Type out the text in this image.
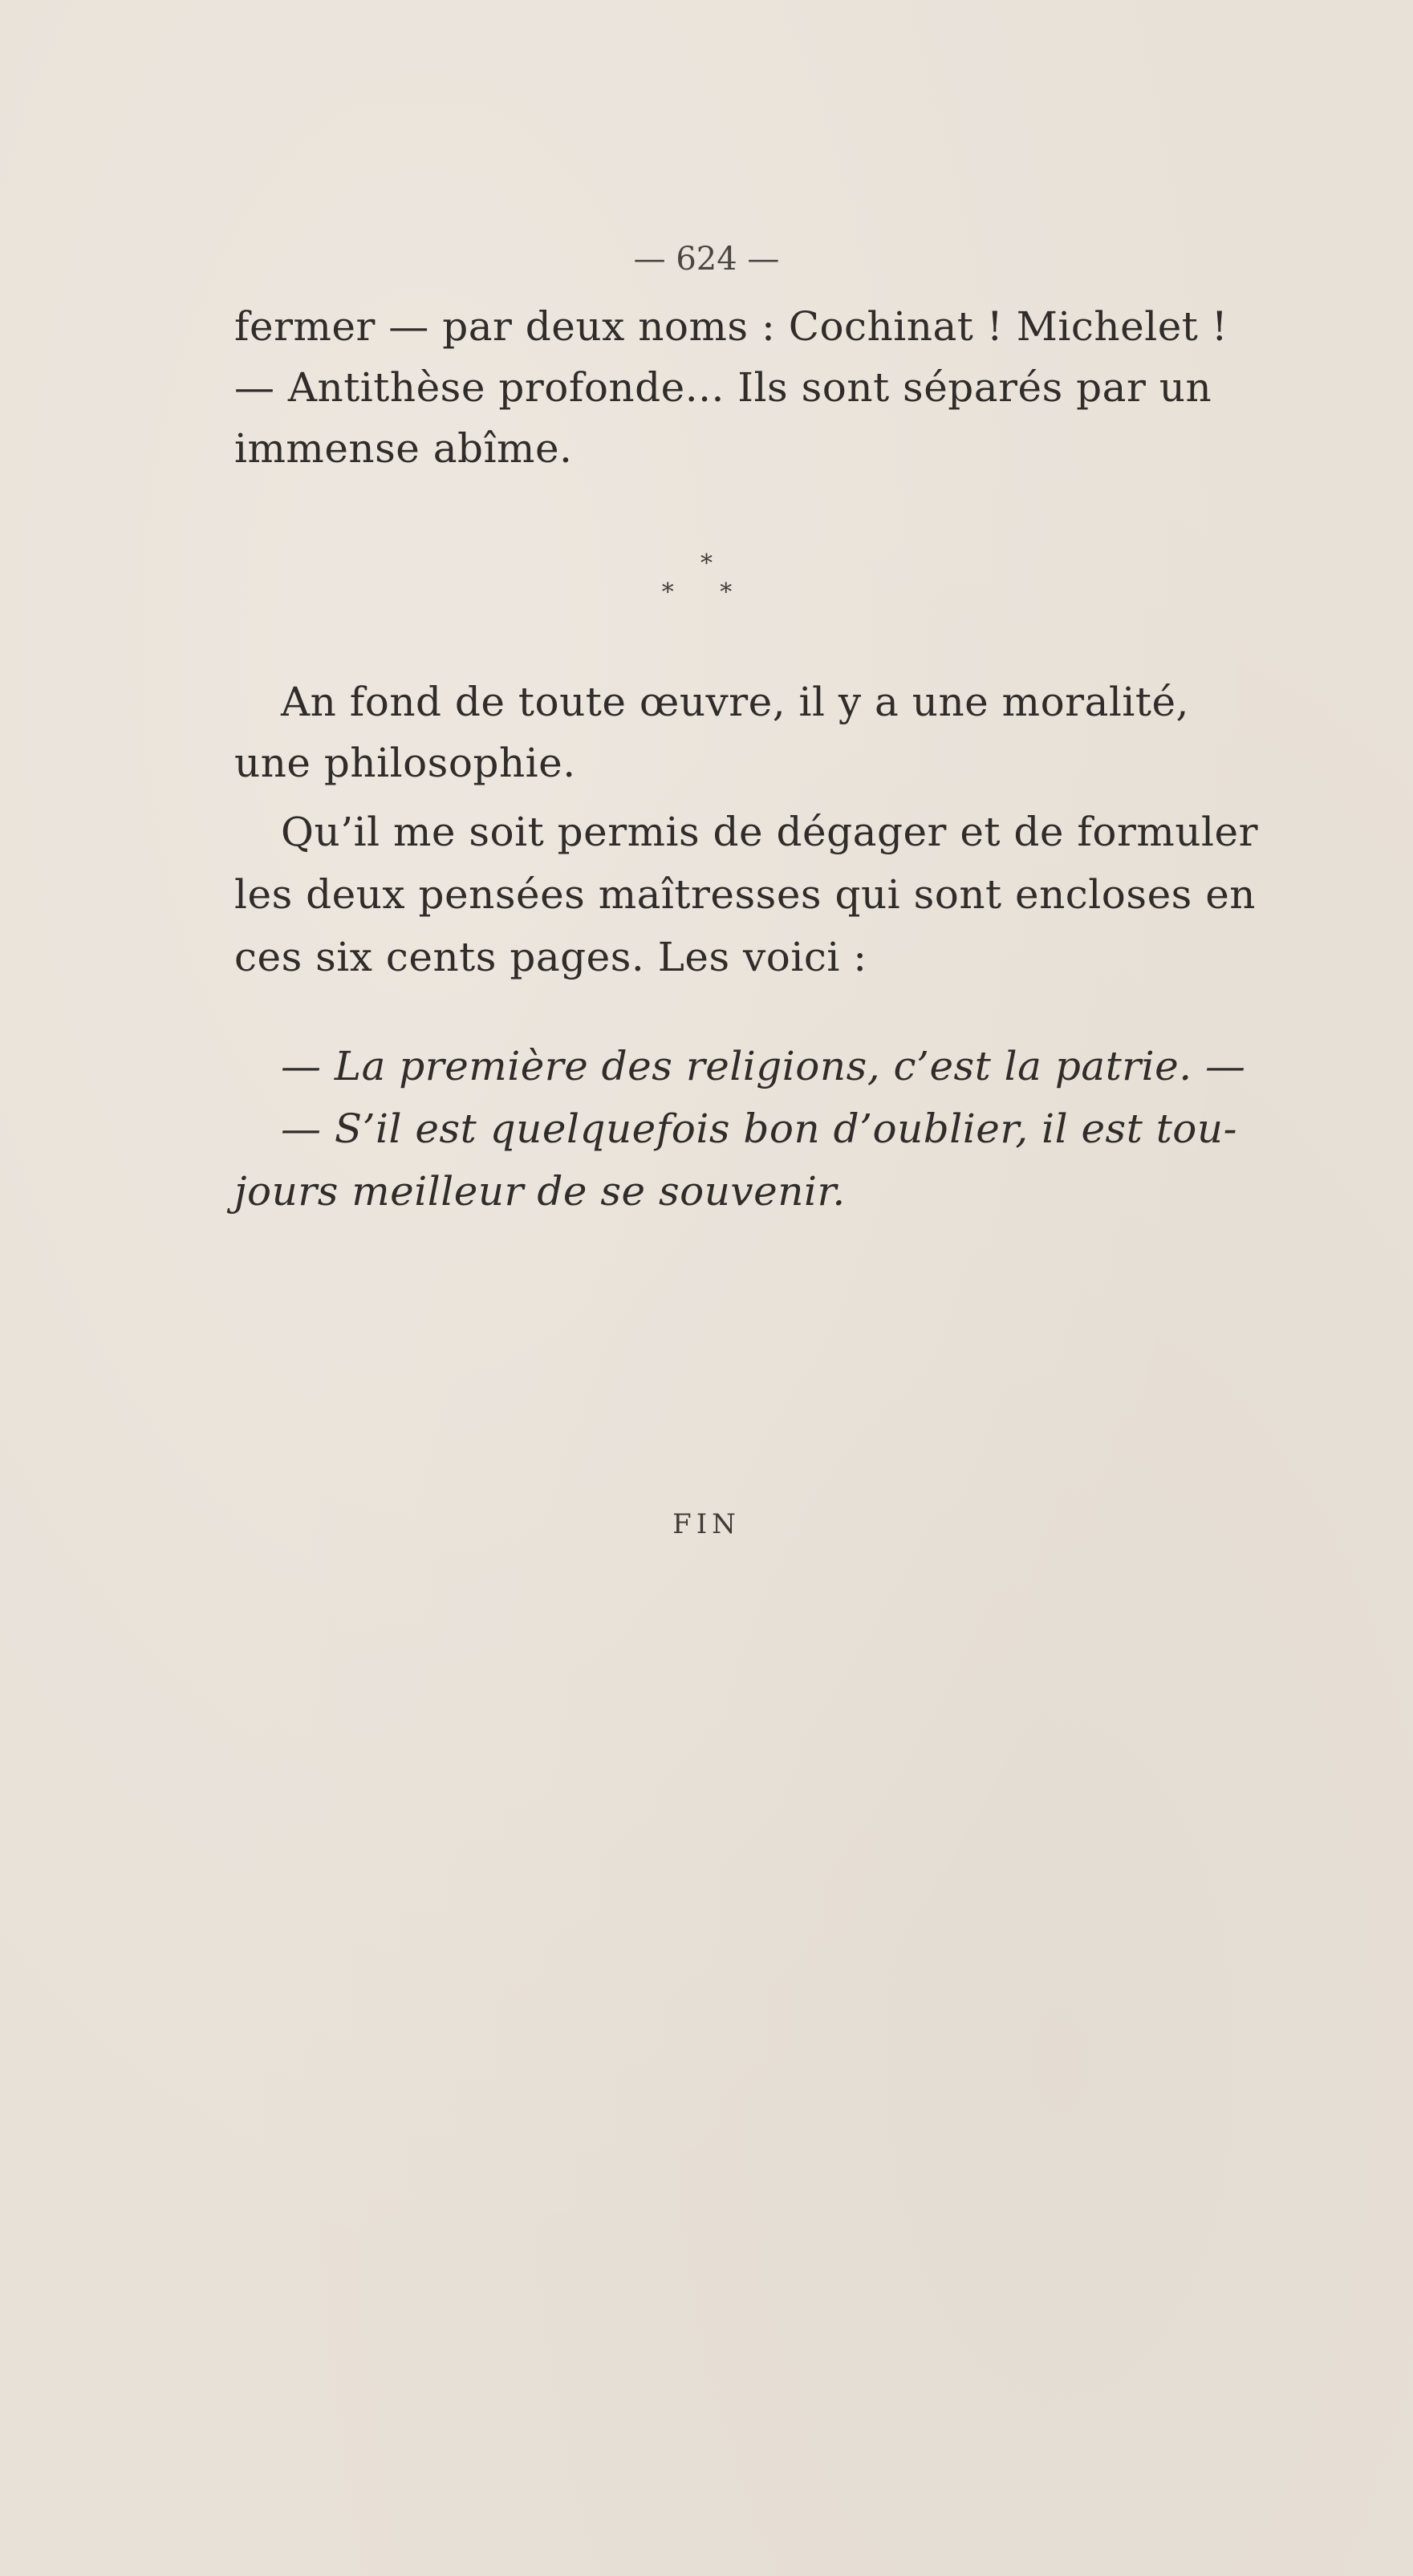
— 624 —
fermer — par deux noms : Cochinat ! Michelet !
— Antithèse profonde... Ils sont séparés par un
immense abîme.
*
* *
An fond de toute œuvre, il y a une moralité,
une philosophie.
Qu’il me soit permis de dégager et de formuler
les deux pensées maîtresses qui sont encloses en
ces six cents pages. Les voici :
— La première des religions, c’est la patrie. —
— S’il est quelquefois bon d’oublier, il est tou-
jours meilleur de se souvenir.
FIN
